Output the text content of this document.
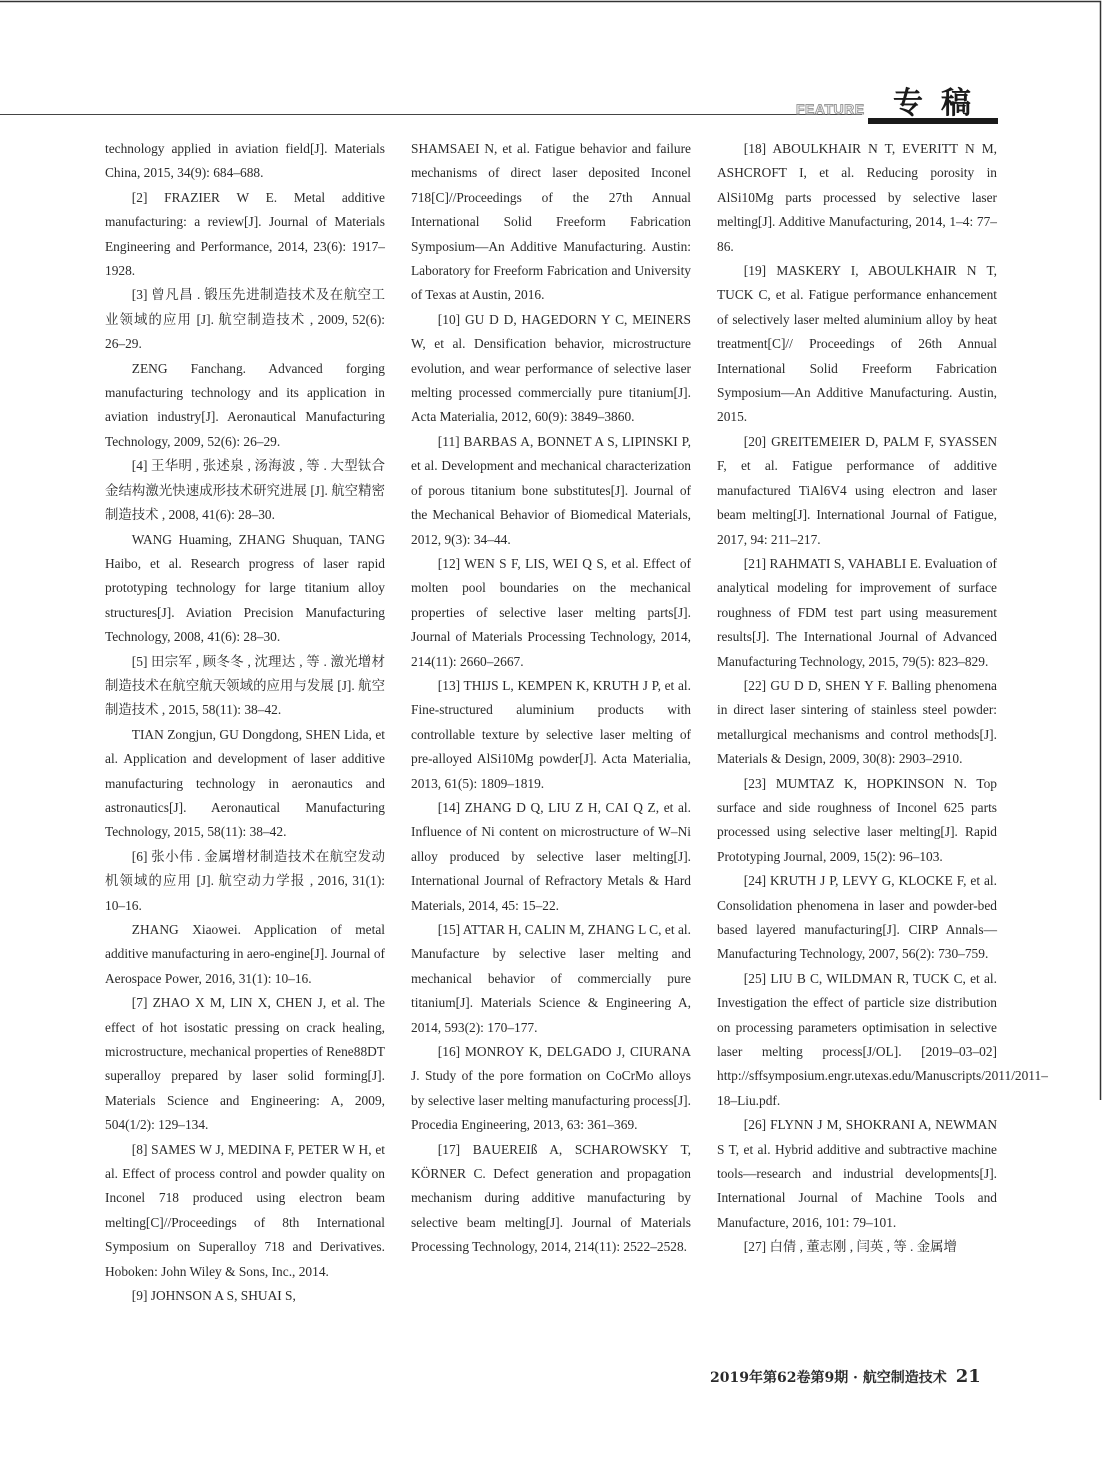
FEATURE 专稿

technology applied in aviation field[J]. Materials China, 2015, 34(9): 684–688.

[2] FRAZIER W E. Metal additive manufacturing: a review[J]. Journal of Materials Engineering and Performance, 2014, 23(6): 1917–1928.

[3] 曾凡昌 . 锻压先进制造技术及在航空工业领域的应用 [J]. 航空制造技术 , 2009, 52(6): 26–29.

ZENG Fanchang. Advanced forging manufacturing technology and its application in aviation industry[J]. Aeronautical Manufacturing Technology, 2009, 52(6): 26–29.

[4] 王华明 , 张述泉 , 汤海波 , 等 . 大型钛合金结构激光快速成形技术研究进展 [J]. 航空精密制造技术 , 2008, 41(6): 28–30.

WANG Huaming, ZHANG Shuquan, TANG Haibo, et al. Research progress of laser rapid prototyping technology for large titanium alloy structures[J]. Aviation Precision Manufacturing Technology, 2008, 41(6): 28–30.

[5] 田宗军 , 顾冬冬 , 沈理达 , 等 . 激光增材制造技术在航空航天领域的应用与发展 [J]. 航空制造技术 , 2015, 58(11): 38–42.

TIAN Zongjun, GU Dongdong, SHEN Lida, et al. Application and development of laser additive manufacturing technology in aeronautics and astronautics[J]. Aeronautical Manufacturing Technology, 2015, 58(11): 38–42.

[6] 张小伟 . 金属增材制造技术在航空发动机领域的应用 [J]. 航空动力学报 , 2016, 31(1): 10–16.

ZHANG Xiaowei. Application of metal additive manufacturing in aero-engine[J]. Journal of Aerospace Power, 2016, 31(1): 10–16.

[7] ZHAO X M, LIN X, CHEN J, et al. The effect of hot isostatic pressing on crack healing, microstructure, mechanical properties of Rene88DT superalloy prepared by laser solid forming[J]. Materials Science and Engineering: A, 2009, 504(1/2): 129–134.

[8] SAMES W J, MEDINA F, PETER W H, et al. Effect of process control and powder quality on Inconel 718 produced using electron beam melting[C]//Proceedings of 8th International Symposium on Superalloy 718 and Derivatives. Hoboken: John Wiley & Sons, Inc., 2014.

[9] JOHNSON A S, SHUAI S,

SHAMSAEI N, et al. Fatigue behavior and failure mechanisms of direct laser deposited Inconel 718[C]//Proceedings of the 27th Annual International Solid Freeform Fabrication Symposium—An Additive Manufacturing. Austin: Laboratory for Freeform Fabrication and University of Texas at Austin, 2016.

[10] GU D D, HAGEDORN Y C, MEINERS W, et al. Densification behavior, microstructure evolution, and wear performance of selective laser melting processed commercially pure titanium[J]. Acta Materialia, 2012, 60(9): 3849–3860.

[11] BARBAS A, BONNET A S, LIPINSKI P, et al. Development and mechanical characterization of porous titanium bone substitutes[J]. Journal of the Mechanical Behavior of Biomedical Materials, 2012, 9(3): 34–44.

[12] WEN S F, LIS, WEI Q S, et al. Effect of molten pool boundaries on the mechanical properties of selective laser melting parts[J]. Journal of Materials Processing Technology, 2014, 214(11): 2660–2667.

[13] THIJS L, KEMPEN K, KRUTH J P, et al. Fine-structured aluminium products with controllable texture by selective laser melting of pre-alloyed AlSi10Mg powder[J]. Acta Materialia, 2013, 61(5): 1809–1819.

[14] ZHANG D Q, LIU Z H, CAI Q Z, et al. Influence of Ni content on microstructure of W–Ni alloy produced by selective laser melting[J]. International Journal of Refractory Metals & Hard Materials, 2014, 45: 15–22.

[15] ATTAR H, CALIN M, ZHANG L C, et al. Manufacture by selective laser melting and mechanical behavior of commercially pure titanium[J]. Materials Science & Engineering A, 2014, 593(2): 170–177.

[16] MONROY K, DELGADO J, CIURANA J. Study of the pore formation on CoCrMo alloys by selective laser melting manufacturing process[J]. Procedia Engineering, 2013, 63: 361–369.

[17] BAUEREIß A, SCHAROWSKY T, KÖRNER C. Defect generation and propagation mechanism during additive manufacturing by selective beam melting[J]. Journal of Materials Processing Technology, 2014, 214(11): 2522–2528.

[18] ABOULKHAIR N T, EVERITT N M, ASHCROFT I, et al. Reducing porosity in AlSi10Mg parts processed by selective laser melting[J]. Additive Manufacturing, 2014, 1–4: 77–86.

[19] MASKERY I, ABOULKHAIR N T, TUCK C, et al. Fatigue performance enhancement of selectively laser melted aluminium alloy by heat treatment[C]// Proceedings of 26th Annual International Solid Freeform Fabrication Symposium—An Additive Manufacturing. Austin, 2015.

[20] GREITEMEIER D, PALM F, SYASSEN F, et al. Fatigue performance of additive manufactured TiAl6V4 using electron and laser beam melting[J]. International Journal of Fatigue, 2017, 94: 211–217.

[21] RAHMATI S, VAHABLI E. Evaluation of analytical modeling for improvement of surface roughness of FDM test part using measurement results[J]. The International Journal of Advanced Manufacturing Technology, 2015, 79(5): 823–829.

[22] GU D D, SHEN Y F. Balling phenomena in direct laser sintering of stainless steel powder: metallurgical mechanisms and control methods[J]. Materials & Design, 2009, 30(8): 2903–2910.

[23] MUMTAZ K, HOPKINSON N. Top surface and side roughness of Inconel 625 parts processed using selective laser melting[J]. Rapid Prototyping Journal, 2009, 15(2): 96–103.

[24] KRUTH J P, LEVY G, KLOCKE F, et al. Consolidation phenomena in laser and powder-bed based layered manufacturing[J]. CIRP Annals—Manufacturing Technology, 2007, 56(2): 730–759.

[25] LIU B C, WILDMAN R, TUCK C, et al. Investigation the effect of particle size distribution on processing parameters optimisation in selective laser melting process[J/OL]. [2019–03–02] http://sffsymposium.engr.utexas.edu/Manuscripts/2011/2011–18–Liu.pdf.

[26] FLYNN J M, SHOKRANI A, NEWMAN S T, et al. Hybrid additive and subtractive machine tools—research and industrial developments[J]. International Journal of Machine Tools and Manufacture, 2016, 101: 79–101.

[27] 白倩 , 董志刚 , 闫英 , 等 . 金属增

2019年第62卷第9期 · 航空制造技术 21
